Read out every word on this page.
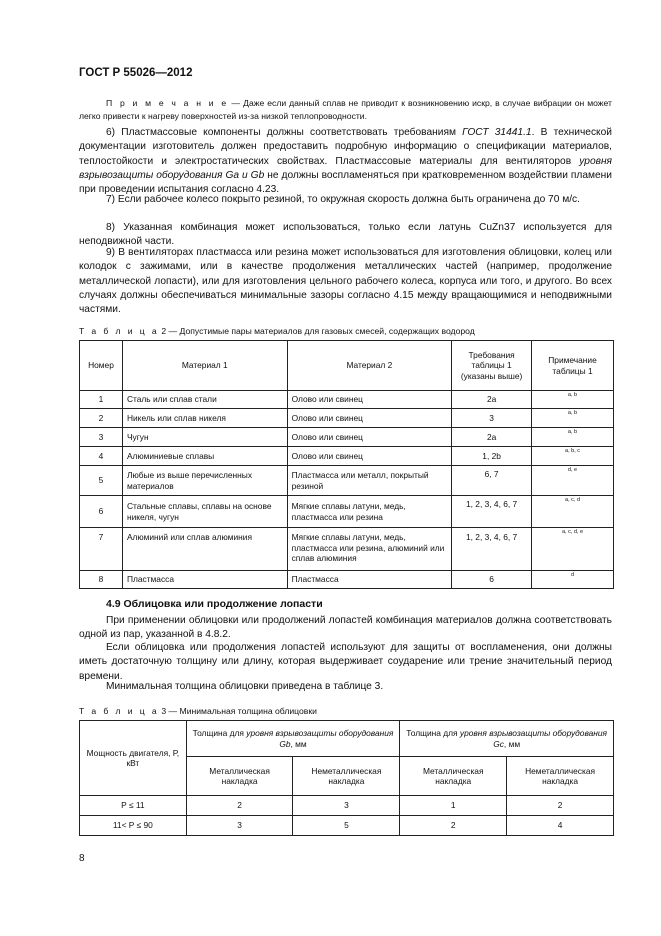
ГОСТ Р 55026—2012
П р и м е ч а н и е — Даже если данный сплав не приводит к возникновению искр, в случае вибрации он может легко привести к нагреву поверхностей из-за низкой теплопроводности.
6) Пластмассовые компоненты должны соответствовать требованиям ГОСТ 31441.1. В технической документации изготовитель должен предоставить подробную информацию о спецификации материалов, теплостойкости и электростатических свойствах. Пластмассовые материалы для вентиляторов уровня взрывозащиты оборудования Ga и Gb не должны воспламеняться при кратковременном воздействии пламени при проведении испытания согласно 4.23.
7) Если рабочее колесо покрыто резиной, то окружная скорость должна быть ограничена до 70 м/с.
8) Указанная комбинация может использоваться, только если латунь CuZn37 используется для неподвижной части.
9) В вентиляторах пластмасса или резина может использоваться для изготовления облицовки, колец или колодок с зажимами, или в качестве продолжения металлических частей (например, продолжение металлической лопасти), или для изготовления цельного рабочего колеса, корпуса или того, и другого. Во всех случаях должны обеспечиваться минимальные зазоры согласно 4.15 между вращающимися и неподвижными частями.
Т а б л и ц а 2 — Допустимые пары материалов для газовых смесей, содержащих водород
Номер	Материал 1	Материал 2	Требования таблицы 1 (указаны выше)	Примечание таблицы 1
1	Сталь или сплав стали	Олово или свинец	2a	a, b
2	Никель или сплав никеля	Олово или свинец	3	a, b
3	Чугун	Олово или свинец	2a	a, b
4	Алюминиевые сплавы	Олово или свинец	1, 2b	a, b, c
5	Любые из выше перечисленных материалов	Пластмасса или металл, покрытый резиной	6, 7	d, e
6	Стальные сплавы, сплавы на основе никеля, чугун	Мягкие сплавы латуни, медь, пластмасса или резина	1, 2, 3, 4, 6, 7	a, c, d
7	Алюминий или сплав алюминия	Мягкие сплавы латуни, медь, пластмасса или резина, алюминий или сплав алюминия	1, 2, 3, 4, 6, 7	a, c, d, e
8	Пластмасса	Пластмасса	6	d
4.9 Облицовка или продолжение лопасти
При применении облицовки или продолжений лопастей комбинация материалов должна соответствовать одной из пар, указанной в 4.8.2.
Если облицовка или продолжения лопастей используют для защиты от воспламенения, они должны иметь достаточную толщину или длину, которая выдерживает соударение или трение значительный период времени.
Минимальная толщина облицовки приведена в таблице 3.
Т а б л и ц а 3 — Минимальная толщина облицовки
Мощность двигателя, Р, кВт	Толщина для уровня взрывозащиты оборудования Gb, мм		Толщина для уровня взрывозащиты оборудования Gc, мм	
	Металлическая накладка	Неметаллическая накладка	Металлическая накладка	Неметаллическая накладка
P ≤ 11	2	3	1	2
11< P ≤ 90	3	5	2	4
8
